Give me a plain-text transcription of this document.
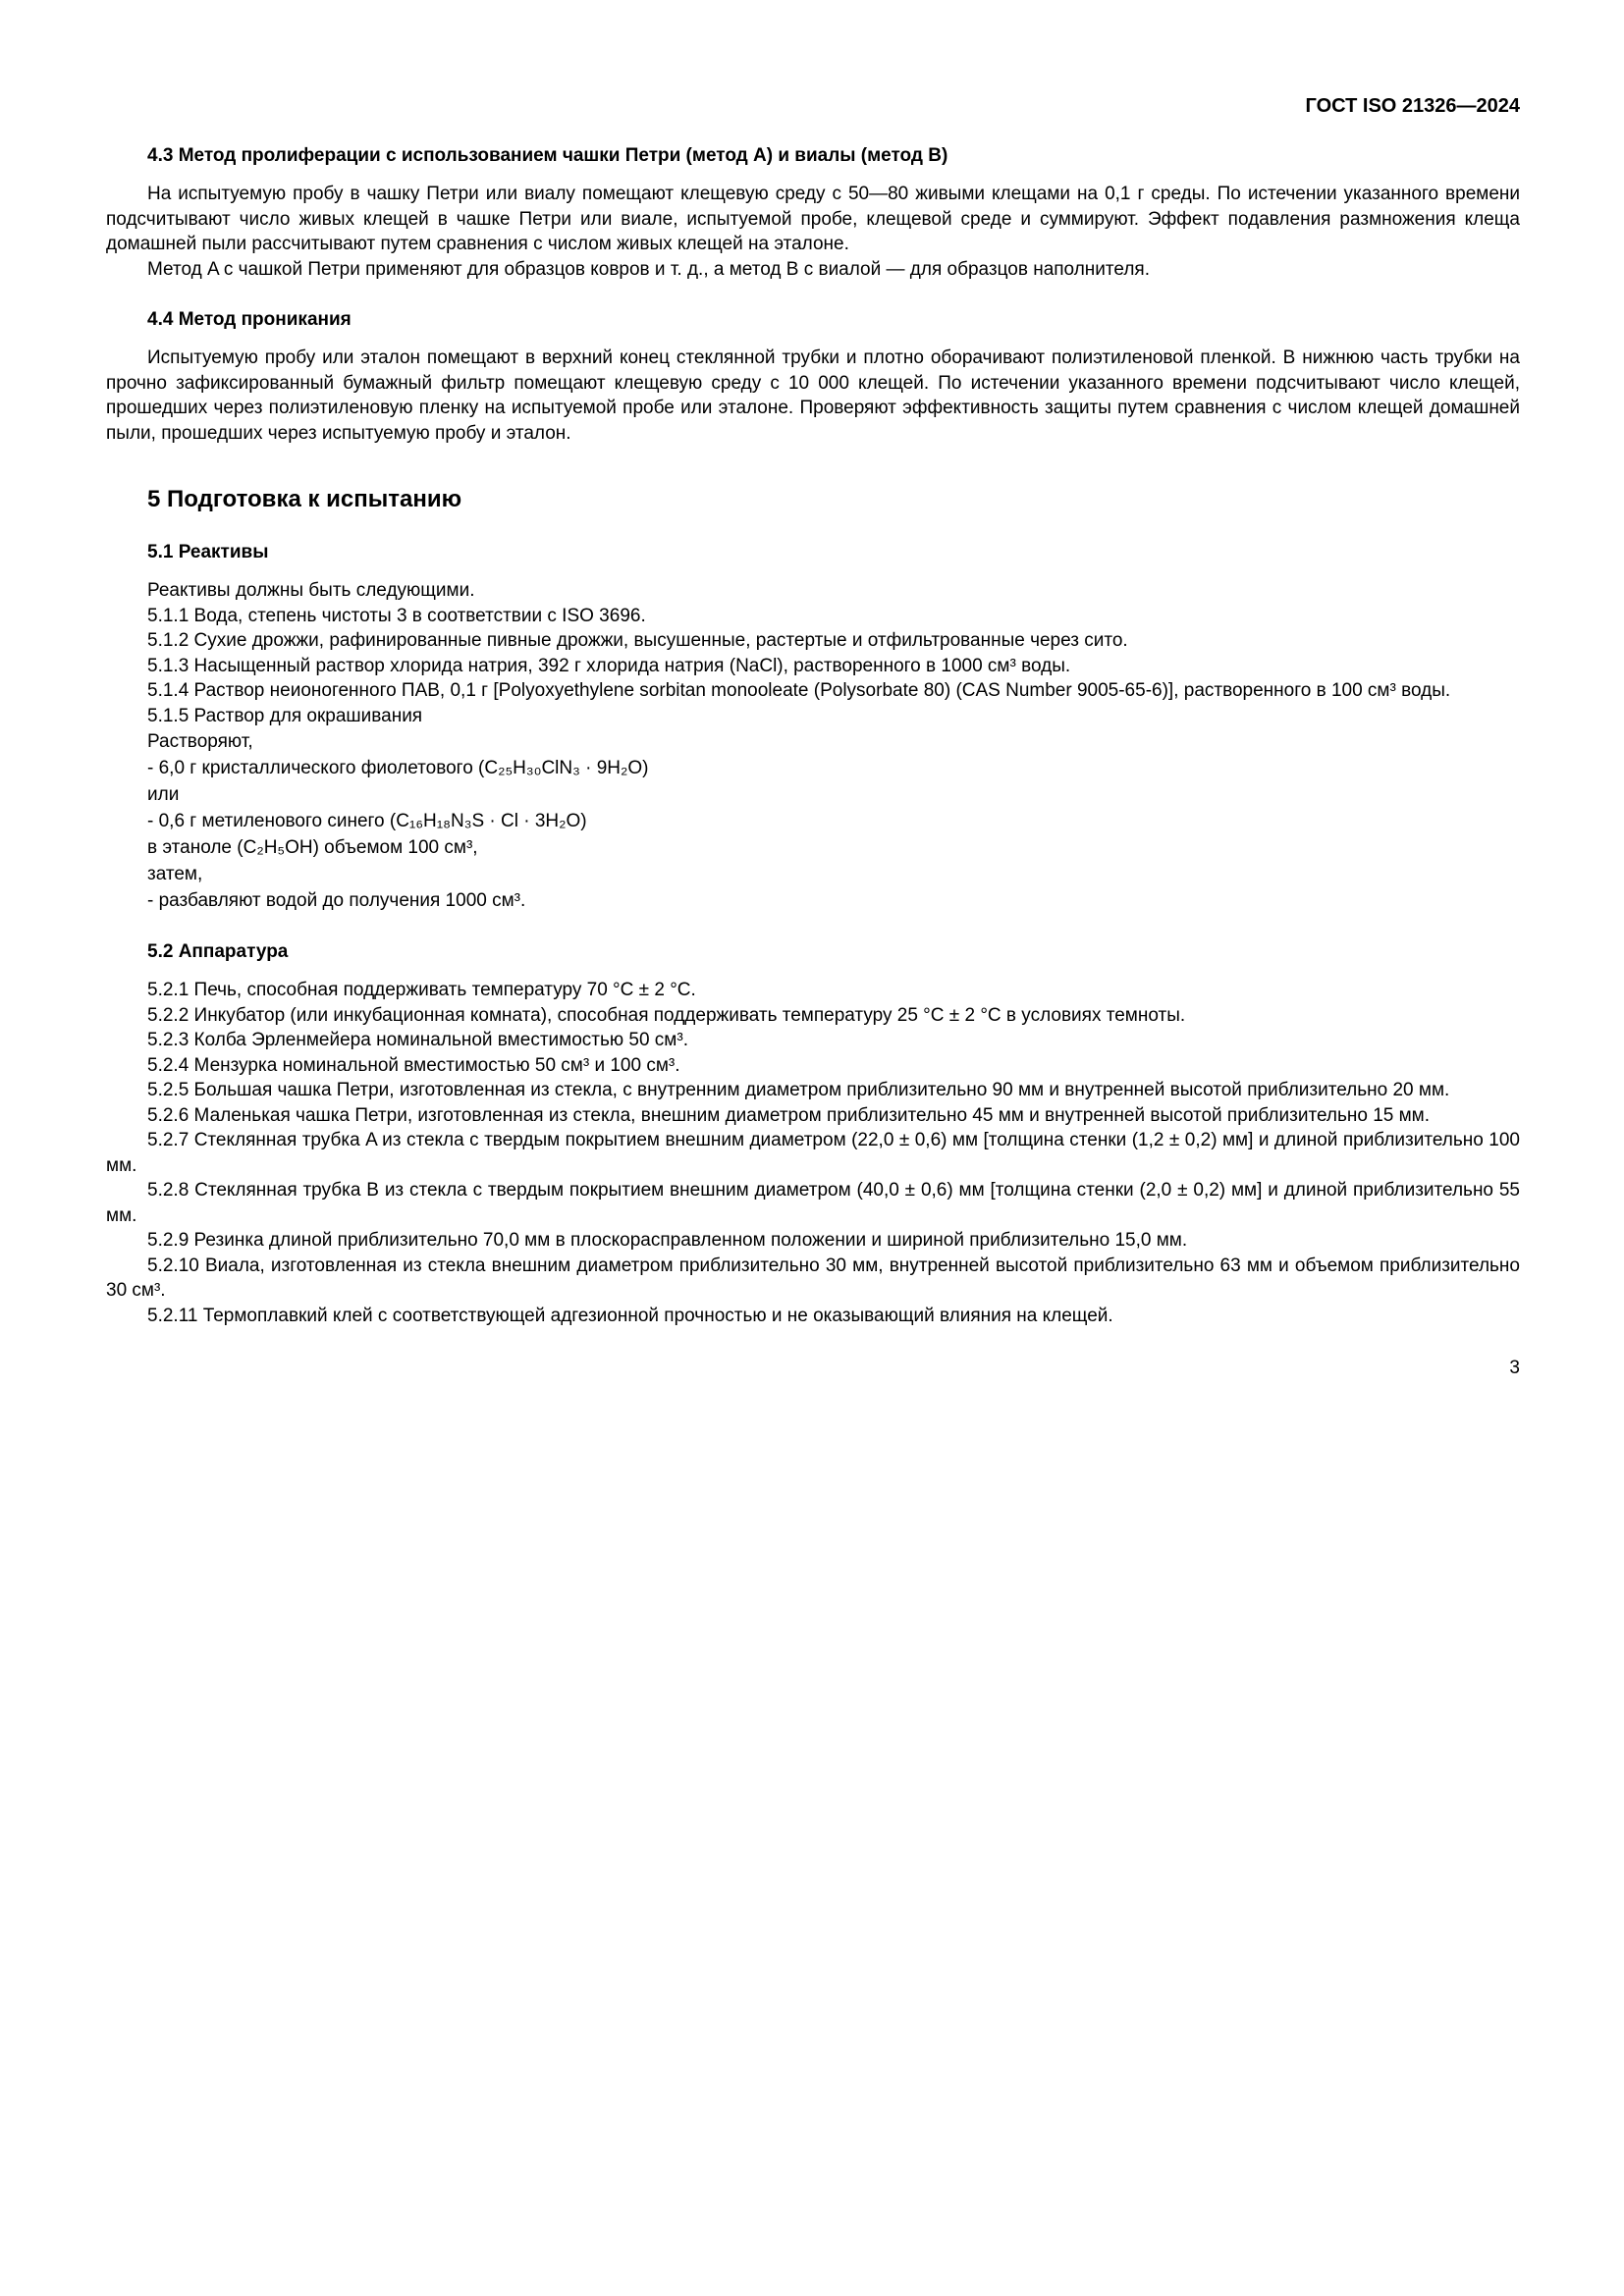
ГОСТ ISO 21326—2024
4.3 Метод пролиферации с использованием чашки Петри (метод A) и виалы (метод B)

На испытуемую пробу в чашку Петри или виалу помещают клещевую среду с 50—80 живыми клещами на 0,1 г среды. По истечении указанного времени подсчитывают число живых клещей в чашке Петри или виале, испытуемой пробе, клещевой среде и суммируют. Эффект подавления размножения клеща домашней пыли рассчитывают путем сравнения с числом живых клещей на эталоне.

Метод A с чашкой Петри применяют для образцов ковров и т. д., а метод B с виалой — для образцов наполнителя.

4.4 Метод проникания

Испытуемую пробу или эталон помещают в верхний конец стеклянной трубки и плотно оборачивают полиэтиленовой пленкой. В нижнюю часть трубки на прочно зафиксированный бумажный фильтр помещают клещевую среду с 10 000 клещей. По истечении указанного времени подсчитывают число клещей, прошедших через полиэтиленовую пленку на испытуемой пробе или эталоне. Проверяют эффективность защиты путем сравнения с числом клещей домашней пыли, прошедших через испытуемую пробу и эталон.

5 Подготовка к испытанию
5.1 Реактивы

Реактивы должны быть следующими.

5.1.1 Вода, степень чистоты 3 в соответствии с ISO 3696.

5.1.2 Сухие дрожжи, рафинированные пивные дрожжи, высушенные, растертые и отфильтрованные через сито.

5.1.3 Насыщенный раствор хлорида натрия, 392 г хлорида натрия (NaCl), растворенного в 1000 см³ воды.

5.1.4 Раствор неионогенного ПАВ, 0,1 г [Polyoxyethylene sorbitan monooleate (Polysorbate 80) (CAS Number 9005-65-6)], растворенного в 100 см³ воды.

5.1.5 Раствор для окрашивания

Растворяют,

- 6,0 г кристаллического фиолетового (C₂₅H₃₀ClN₃ · 9H₂O)

или

- 0,6 г метиленового синего (C₁₆H₁₈N₃S · Cl · 3H₂O)

в этаноле (C₂H₅OH) объемом 100 см³,

затем,

- разбавляют водой до получения 1000 см³.

5.2 Аппаратура

5.2.1 Печь, способная поддерживать температуру 70 °C ± 2 °C.

5.2.2 Инкубатор (или инкубационная комната), способная поддерживать температуру 25 °C ± 2 °C в условиях темноты.

5.2.3 Колба Эрленмейера номинальной вместимостью 50 см³.

5.2.4 Мензурка номинальной вместимостью 50 см³ и 100 см³.

5.2.5 Большая чашка Петри, изготовленная из стекла, с внутренним диаметром приблизительно 90 мм и внутренней высотой приблизительно 20 мм.

5.2.6 Маленькая чашка Петри, изготовленная из стекла, внешним диаметром приблизительно 45 мм и внутренней высотой приблизительно 15 мм.

5.2.7 Стеклянная трубка A из стекла с твердым покрытием внешним диаметром (22,0 ± 0,6) мм [толщина стенки (1,2 ± 0,2) мм] и длиной приблизительно 100 мм.

5.2.8 Стеклянная трубка B из стекла с твердым покрытием внешним диаметром (40,0 ± 0,6) мм [толщина стенки (2,0 ± 0,2) мм] и длиной приблизительно 55 мм.

5.2.9 Резинка длиной приблизительно 70,0 мм в плоскорасправленном положении и шириной приблизительно 15,0 мм.

5.2.10 Виала, изготовленная из стекла внешним диаметром приблизительно 30 мм, внутренней высотой приблизительно 63 мм и объемом приблизительно 30 см³.

5.2.11 Термоплавкий клей с соответствующей адгезионной прочностью и не оказывающий влияния на клещей.

3
